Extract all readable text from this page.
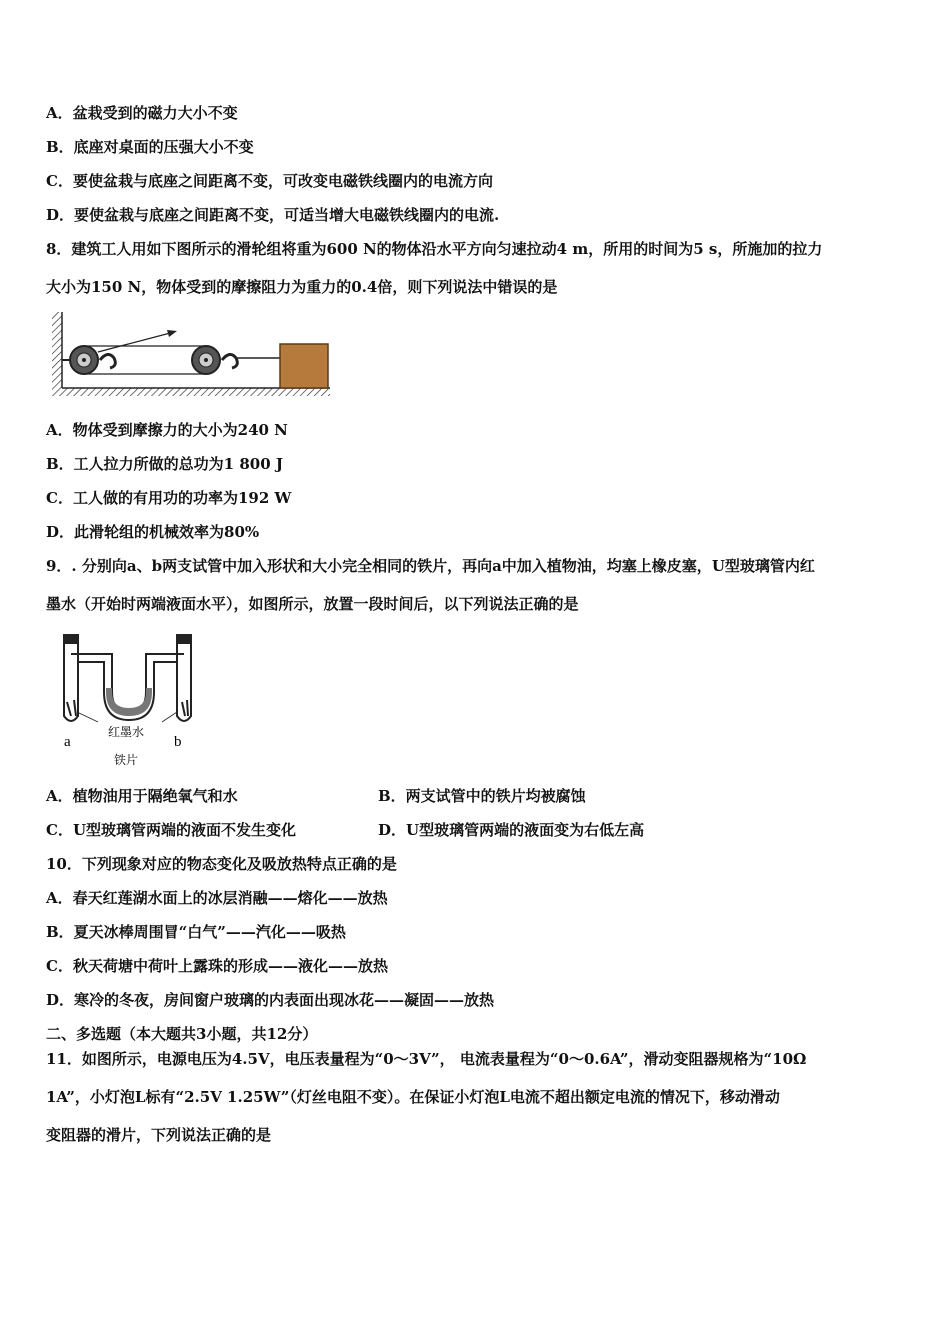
A．盆栽受到的磁力大小不变
B．底座对桌面的压强大小不变
C．要使盆栽与底座之间距离不变，可改变电磁铁线圈内的电流方向
D．要使盆栽与底座之间距离不变，可适当增大电磁铁线圈内的电流.
8．建筑工人用如下图所示的滑轮组将重为600 N的物体沿水平方向匀速拉动4 m，所用的时间为5 s，所施加的拉力
大小为150 N，物体受到的摩擦阻力为重力的0.4倍，则下列说法中错误的是
A．物体受到摩擦力的大小为240 N
B．工人拉力所做的总功为1 800 J
C．工人做的有用功的功率为192 W
D．此滑轮组的机械效率为80%
9．. 分别向a、b两支试管中加入形状和大小完全相同的铁片，再向a中加入植物油，均塞上橡皮塞，U型玻璃管内红
墨水（开始时两端液面水平），如图所示，放置一段时间后，以下列说法正确的是
a	b
红墨水
铁片
A．植物油用于隔绝氧气和水	B．两支试管中的铁片均被腐蚀
C．U型玻璃管两端的液面不发生变化	D．U型玻璃管两端的液面变为右低左高
10．下列现象对应的物态变化及吸放热特点正确的是
A．春天红莲湖水面上的冰层消融——熔化——放热
B．夏天冰棒周围冒“白气”——汽化——吸热
C．秋天荷塘中荷叶上露珠的形成——液化——放热
D．寒冷的冬夜，房间窗户玻璃的内表面出现冰花——凝固——放热
二、多选题（本大题共3小题，共12分）
11．如图所示，电源电压为4.5V，电压表量程为“0～3V”， 电流表量程为“0～0.6A”，滑动变阻器规格为“10Ω
1A”，小灯泡L标有“2.5V 1.25W”（灯丝电阻不变）。在保证小灯泡L电流不超出额定电流的情况下，移动滑动
变阻器的滑片，下列说法正确的是
